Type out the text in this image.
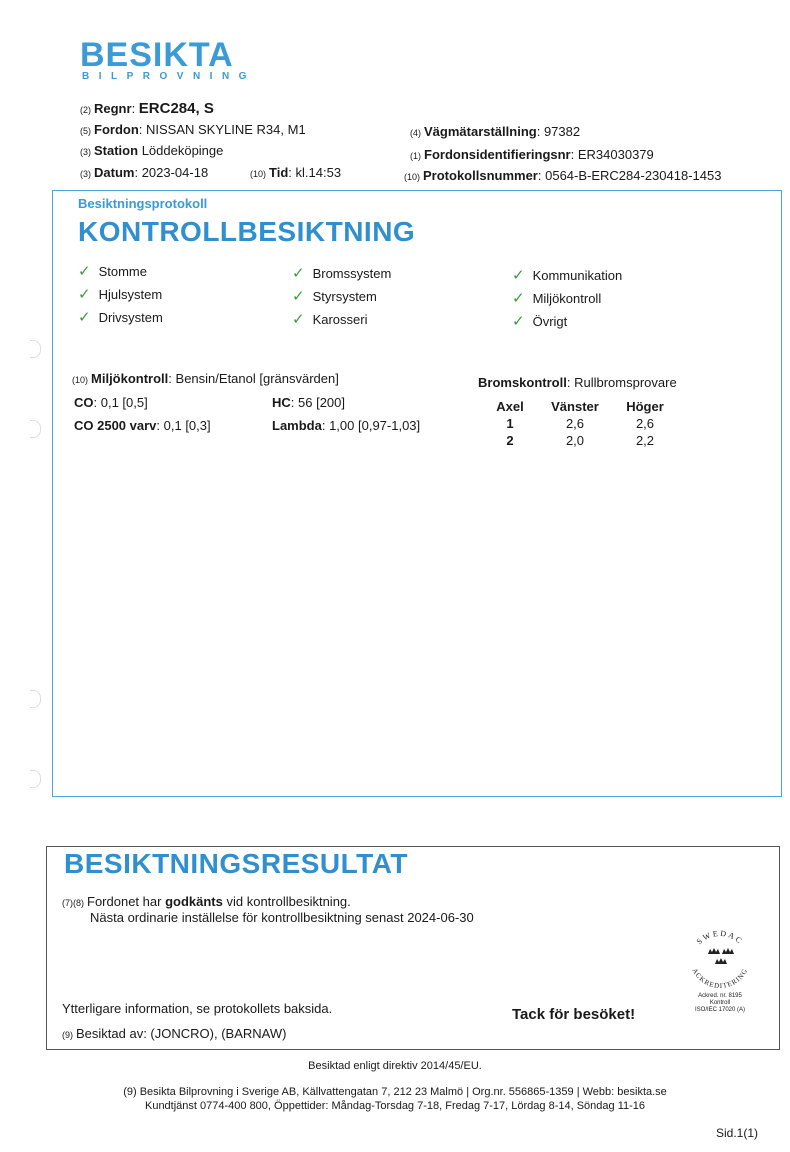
BESIKTA
BILPROVNING
(2) Regnr: ERC284, S
(5) Fordon: NISSAN SKYLINE R34, M1
(3) Station Löddeköpinge
(3) Datum: 2023-04-18	(10) Tid: kl.14:53
(4) Vägmätarställning: 97382
(1) Fordonsidentifieringsnr: ER34030379
(10) Protokollsnummer: 0564-B-ERC284-230418-1453
Besiktningsprotokoll
KONTROLLBESIKTNING
✓ Stomme
✓ Hjulsystem
✓ Drivsystem
✓ Bromssystem
✓ Styrsystem
✓ Karosseri
✓ Kommunikation
✓ Miljökontroll
✓ Övrigt
(10) Miljökontroll: Bensin/Etanol [gränsvärden]
CO: 0,1 [0,5]	HC: 56 [200]
CO 2500 varv: 0,1 [0,3]	Lambda: 1,00 [0,97-1,03]
Bromskontroll: Rullbromsprovare
Axel	Vänster	Höger
1	2,6	2,6
2	2,0	2,2
BESIKTNINGSRESULTAT
(7)(8) Fordonet har godkänts vid kontrollbesiktning.
Nästa ordinarie inställelse för kontrollbesiktning senast 2024-06-30
Ytterligare information, se protokollets baksida.	Tack för besöket!
(9) Besiktad av: (JONCRO), (BARNAW)
SWEDAC
ACKREDITERING
Ackred. nr. 8195
Kontroll
ISO/IEC 17020 (A)
Besiktad enligt direktiv 2014/45/EU.
(9) Besikta Bilprovning i Sverige AB, Källvattengatan 7, 212 23 Malmö | Org.nr. 556865-1359 | Webb: besikta.se
Kundtjänst 0774-400 800, Öppettider: Måndag-Torsdag 7-18, Fredag 7-17, Lördag 8-14, Söndag 11-16
Sid.1(1)
